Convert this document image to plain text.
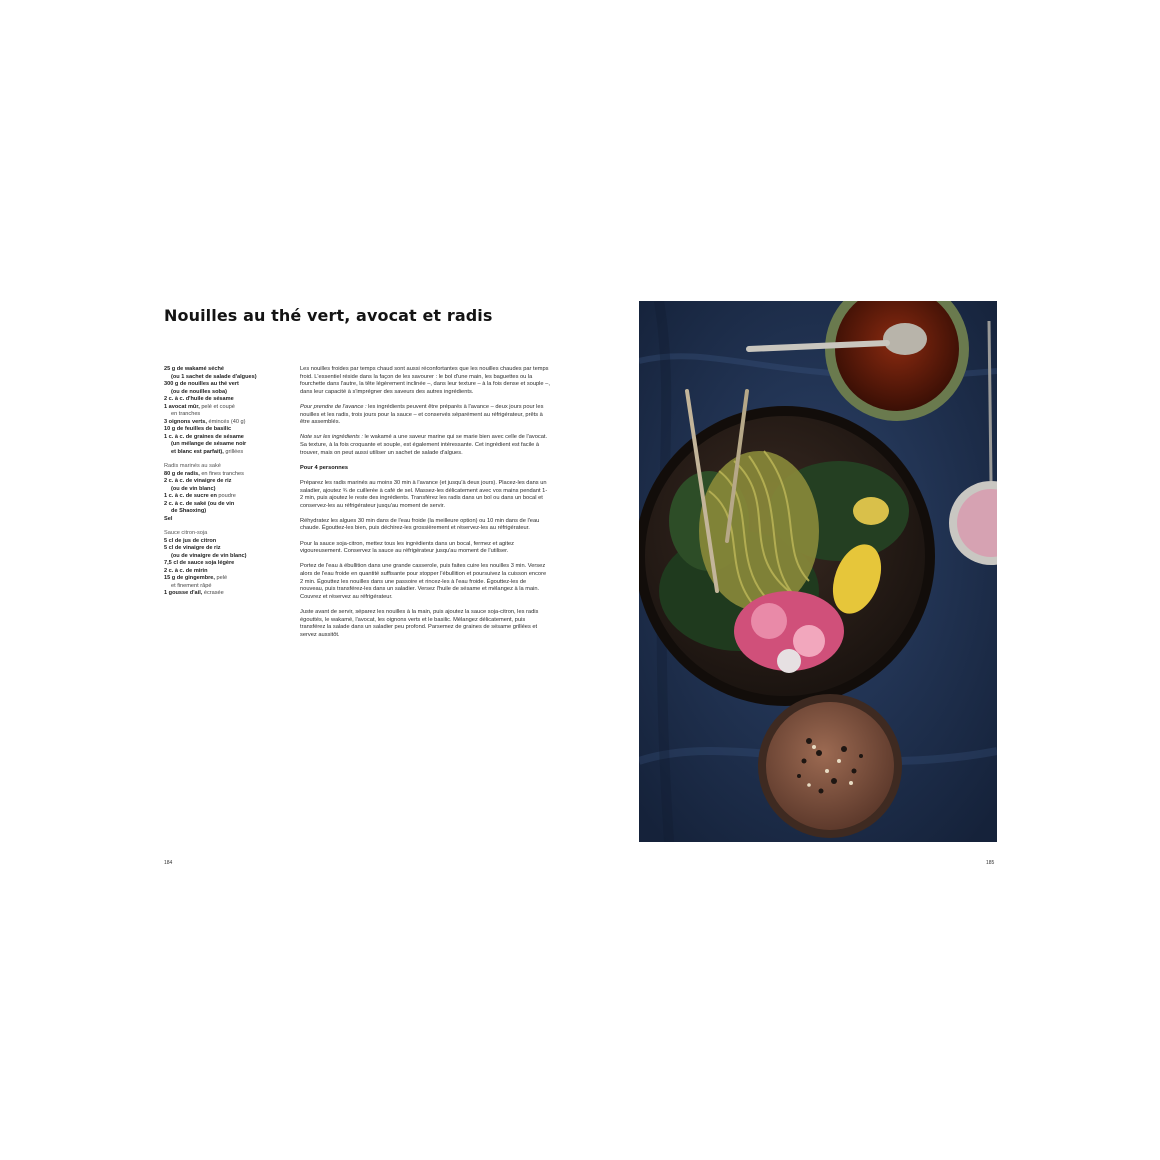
Nouilles au thé vert, avocat et radis
25 g de wakamé séché
(ou 1 sachet de salade d'algues)
300 g de nouilles au thé vert
(ou de nouilles soba)
2 c. à c. d'huile de sésame
1 avocat mûr, pelé et coupé
en tranches
3 oignons verts, émincés (40 g)
10 g de feuilles de basilic
1 c. à c. de graines de sésame
(un mélange de sésame noir
et blanc est parfait), grillées
Radis marinés au saké
80 g de radis, en fines tranches
2 c. à c. de vinaigre de riz
(ou de vin blanc)
1 c. à c. de sucre en poudre
2 c. à c. de saké (ou de vin
de Shaoxing)
Sel
Sauce citron-soja
5 cl de jus de citron
5 cl de vinaigre de riz
(ou de vinaigre de vin blanc)
7,5 cl de sauce soja légère
2 c. à c. de mirin
15 g de gingembre, pelé
et finement râpé
1 gousse d'ail, écrasée

Les nouilles froides par temps chaud sont aussi réconfortantes que les nouilles chaudes par temps froid. L'essentiel réside dans la façon de les savourer : le bol d'une main, les baguettes ou la fourchette dans l'autre, la tête légèrement inclinée –, dans leur texture – à la fois dense et souple –, dans leur capacité à s'imprégner des saveurs des autres ingrédients.

Pour prendre de l'avance : les ingrédients peuvent être préparés à l'avance – deux jours pour les nouilles et les radis, trois jours pour la sauce – et conservés séparément au réfrigérateur, prêts à être assemblés.

Note sur les ingrédients : le wakamé a une saveur marine qui se marie bien avec celle de l'avocat. Sa texture, à la fois croquante et souple, est également intéressante. Cet ingrédient est facile à trouver, mais on peut aussi utiliser un sachet de salade d'algues.

Pour 4 personnes

Préparez les radis marinés au moins 30 min à l'avance (et jusqu'à deux jours). Placez-les dans un saladier, ajoutez ¾ de cuillerée à café de sel. Massez-les délicatement avec vos mains pendant 1-2 min, puis ajoutez le reste des ingrédients. Transférez les radis dans un bol ou dans un bocal et conservez-les au réfrigérateur jusqu'au moment de servir.

Réhydratez les algues 30 min dans de l'eau froide (la meilleure option) ou 10 min dans de l'eau chaude. Égouttez-les bien, puis déchirez-les grossièrement et réservez-les au réfrigérateur.

Pour la sauce soja-citron, mettez tous les ingrédients dans un bocal, fermez et agitez vigoureusement. Conservez la sauce au réfrigérateur jusqu'au moment de l'utiliser.

Portez de l'eau à ébullition dans une grande casserole, puis faites cuire les nouilles 3 min. Versez alors de l'eau froide en quantité suffisante pour stopper l'ébullition et poursuivez la cuisson encore 2 min. Égouttez les nouilles dans une passoire et rincez-les à l'eau froide. Égouttez-les de nouveau, puis transférez-les dans un saladier. Versez l'huile de sésame et mélangez à la main. Couvrez et réservez au réfrigérateur.

Juste avant de servir, séparez les nouilles à la main, puis ajoutez la sauce soja-citron, les radis égouttés, le wakamé, l'avocat, les oignons verts et le basilic. Mélangez délicatement, puis transférez la salade dans un saladier peu profond. Parsemez de graines de sésame grillées et servez aussitôt.

184	185
